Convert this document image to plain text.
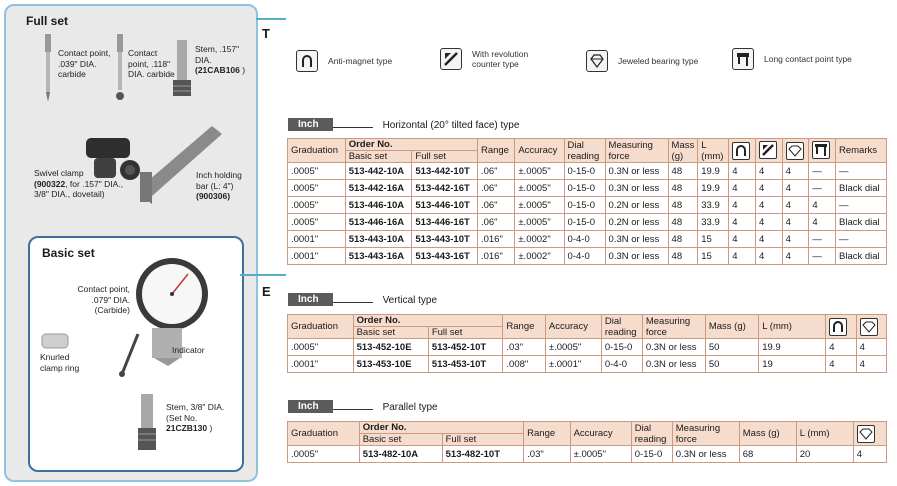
Full set
Contact point, .039" DIA. carbide
Contact point, .118" DIA. carbide
Stem, .157" DIA.
(21CAB106 )
Swivel clamp
(900322, for .157" DIA., 3/8" DIA., dovetail)
Inch holding bar (L: 4")
(900306)
Basic set
Contact point, .079" DIA. (Carbide)
Indicator
Knurled clamp ring
Stem, 3/8" DIA. (Set No.
21CZB130 )
T
E
Anti-magnet type
With revolution counter type	Jeweled bearing type	Long contact point type
Inch	Horizontal (20° tilted face) type
Graduation	Order No.		Range	Accuracy	Dial reading	Measuring force	Mass (g)	L (mm)					Remarks
	Basic set	Full set											
.0005"	513-442-10A	513-442-10T	.06"	±.0005"	0-15-0	0.3N or less	48	19.9	4	4	4	—	—
.0005"	513-442-16A	513-442-16T	.06"	±.0005"	0-15-0	0.3N or less	48	19.9	4	4	4	—	Black dial
.0005"	513-446-10A	513-446-10T	.06"	±.0005"	0-15-0	0.2N or less	48	33.9	4	4	4	4	—
.0005"	513-446-16A	513-446-16T	.06"	±.0005"	0-15-0	0.2N or less	48	33.9	4	4	4	4	Black dial
.0001"	513-443-10A	513-443-10T	.016"	±.0002"	0-4-0	0.3N or less	48	15	4	4	4	—	—
.0001"	513-443-16A	513-443-16T	.016"	±.0002"	0-4-0	0.3N or less	48	15	4	4	4	—	Black dial
Inch	Vertical type
Graduation	Order No.		Range	Accuracy	Dial reading	Measuring force	Mass (g)	L (mm)	

	Basic set	Full set								
.0005"	513-452-10E	513-452-10T	.03"	±.0005"	0-15-0	0.3N or less	50	19.9	4	4
.0001"	513-453-10E	513-453-10T	.008"	±.0001"	0-4-0	0.3N or less	50	19	4	4
Inch	Parallel type
Graduation	Order No.		Range	Accuracy	Dial reading	Measuring force	Mass (g)	L (mm)	

	Basic set	Full set							
.0005"	513-482-10A	513-482-10T	.03"	±.0005"	0-15-0	0.3N or less	68	20	4
